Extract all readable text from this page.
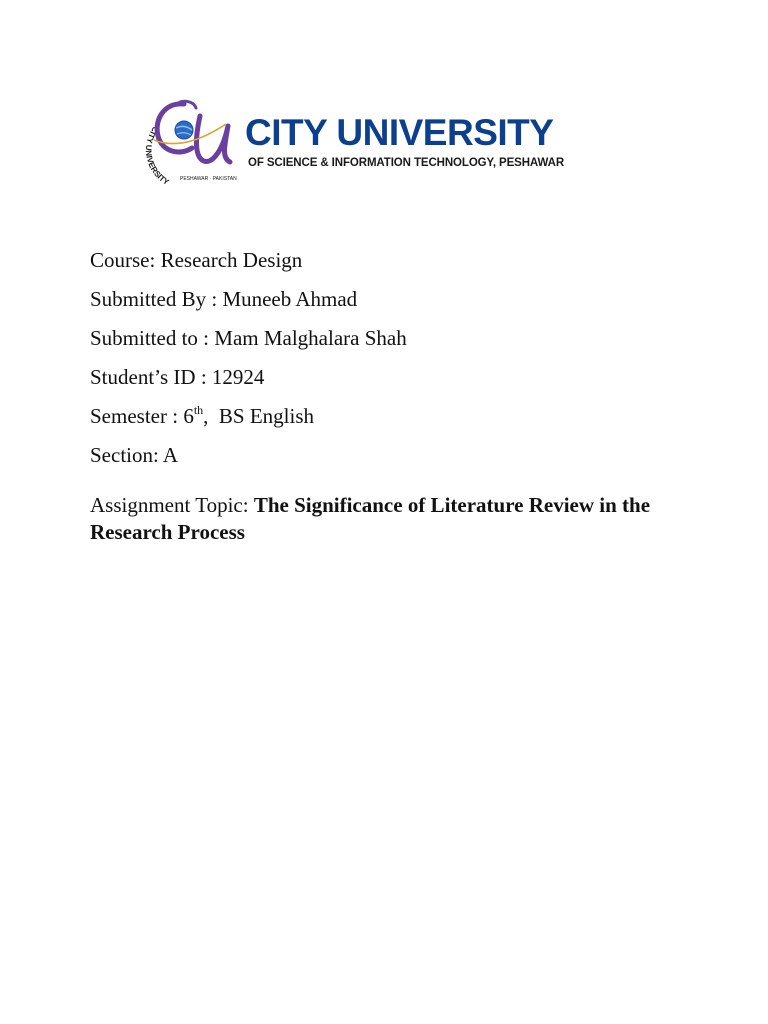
CITY UNIVERSITY PESHAWAR · PAKISTAN
CITY UNIVERSITY
OF SCIENCE & INFORMATION TECHNOLOGY, PESHAWAR
Course: Research Design
Submitted By : Muneeb Ahmad
Submitted to : Mam Malghalara Shah
Student’s ID : 12924
Semester : 6th,  BS English
Section: A
Assignment Topic: The Significance of Literature Review in the Research Process
